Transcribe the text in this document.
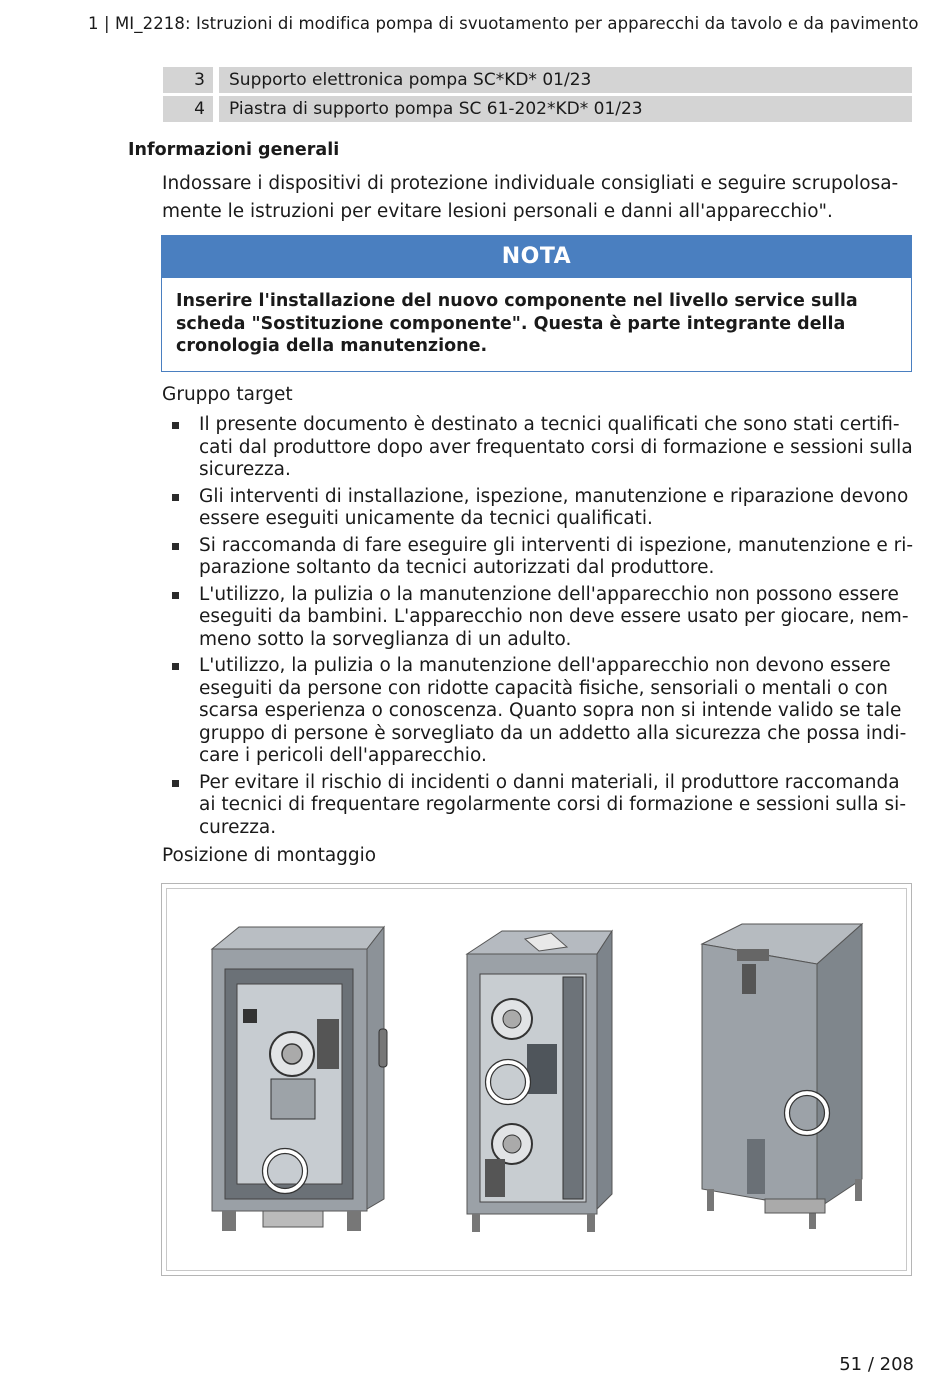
1 | MI_2218: Istruzioni di modifica pompa di svuotamento per apparecchi da tavolo e da pavimento
3		Supporto elettronica pompa SC*KD* 01/23
4		Piastra di supporto pompa SC 61-202*KD* 01/23
Informazioni generali
Indossare i dispositivi di protezione individuale consigliati e seguire scrupolosamente le istruzioni per evitare lesioni personali e danni all'apparecchio".
NOTA
Inserire l'installazione del nuovo componente nel livello service sulla scheda "Sostituzione componente". Questa è parte integrante della cronologia della manutenzione.
Gruppo target
Il presente documento è destinato a tecnici qualificati che sono stati certificati dal produttore dopo aver frequentato corsi di formazione e sessioni sulla sicurezza.
Gli interventi di installazione, ispezione, manutenzione e riparazione devono essere eseguiti unicamente da tecnici qualificati.
Si raccomanda di fare eseguire gli interventi di ispezione, manutenzione e riparazione soltanto da tecnici autorizzati dal produttore.
L'utilizzo, la pulizia o la manutenzione dell'apparecchio non possono essere eseguiti da bambini. L'apparecchio non deve essere usato per giocare, nemmeno sotto la sorveglianza di un adulto.
L'utilizzo, la pulizia o la manutenzione dell'apparecchio non devono essere eseguiti da persone con ridotte capacità fisiche, sensoriali o mentali o con scarsa esperienza o conoscenza. Quanto sopra non si intende valido se tale gruppo di persone è sorvegliato da un addetto alla sicurezza che possa indicare i pericoli dell'apparecchio.
Per evitare il rischio di incidenti o danni materiali, il produttore raccomanda ai tecnici di frequentare regolarmente corsi di formazione e sessioni sulla sicurezza.
Posizione di montaggio
51 / 208
